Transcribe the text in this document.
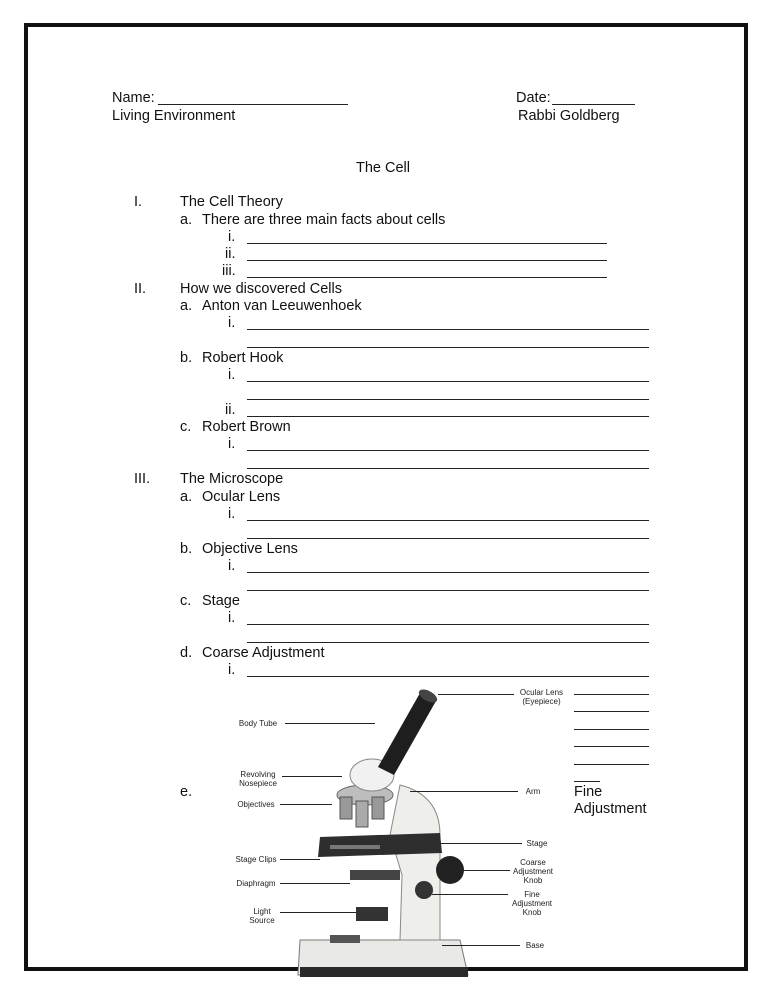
Name:	Date:
Living Environment	Rabbi Goldberg
The Cell
I.	The Cell Theory
a. There are three main facts about cells
i.
ii.
iii.
II. How we discovered Cells
a. Anton van Leeuwenhoek
i.
b. Robert Hook
i.
ii.
c. Robert Brown
i.
III. The Microscope
a. Ocular Lens
i.
b. Objective Lens
i.
c. Stage
i.
d. Coarse Adjustment
i.
e.	Fine Adjustment
Ocular Lens (Eyepiece)
Body Tube
Revolving Nosepiece
Objectives
Arm
Stage
Stage Clips	Coarse Adjustment Knob
Diaphragm
Fine Adjustment Knob
Light Source
Base
